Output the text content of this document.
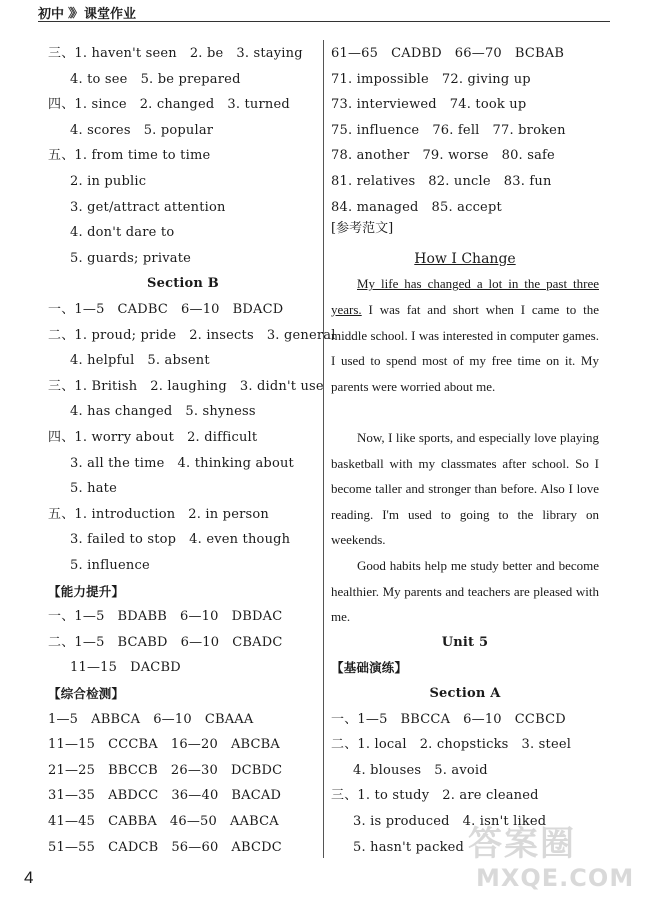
初中 》》 课堂作业
三、1. haven't seen   2. be   3. staying
4. to see   5. be prepared
四、1. since   2. changed   3. turned
4. scores   5. popular
五、1. from time to time
2. in public
3. get/attract attention
4. don't dare to
5. guards; private
Section B
一、1—5   CADBC   6—10   BDACD
二、1. proud; pride   2. insects   3. general
4. helpful   5. absent
三、1. British   2. laughing   3. didn't use
4. has changed   5. shyness
四、1. worry about   2. difficult
3. all the time   4. thinking about
5. hate
五、1. introduction   2. in person
3. failed to stop   4. even though
5. influence
【能力提升】
一、1—5   BDABB   6—10   DBDAC
二、1—5   BCABD   6—10   CBADC
11—15   DACBD
【综合检测】
1—5   ABBCA   6—10   CBAAA
11—15   CCCBA   16—20   ABCBA
21—25   BBCCB   26—30   DCBDC
31—35   ABDCC   36—40   BACAD
41—45   CABBA   46—50   AABCA
51—55   CADCB   56—60   ABCDC
[参考范文]
How I Change
My life has changed a lot in the past three years. I was fat and short when I came to the middle school. I was interested in computer games. I used to spend most of my free time on it. My parents were worried about me.
Now, I like sports, and especially love playing basketball with my classmates after school. So I become taller and stronger than before. Also I love reading. I'm used to going to the library on weekends.
Good habits help me study better and become healthier. My parents and teachers are pleased with me.
61—65   CADBD   66—70   BCBAB
71. impossible   72. giving up
73. interviewed   74. took up
75. influence   76. fell   77. broken
78. another   79. worse   80. safe
81. relatives   82. uncle   83. fun
84. managed   85. accept
Unit 5
【基础演练】
Section A
一、1—5   BBCCA   6—10   CCBCD
二、1. local   2. chopsticks   3. steel
4. blouses   5. avoid
三、1. to study   2. are cleaned
3. is produced   4. isn't liked
5. hasn't packed
4
答案圈
MXQE.COM
